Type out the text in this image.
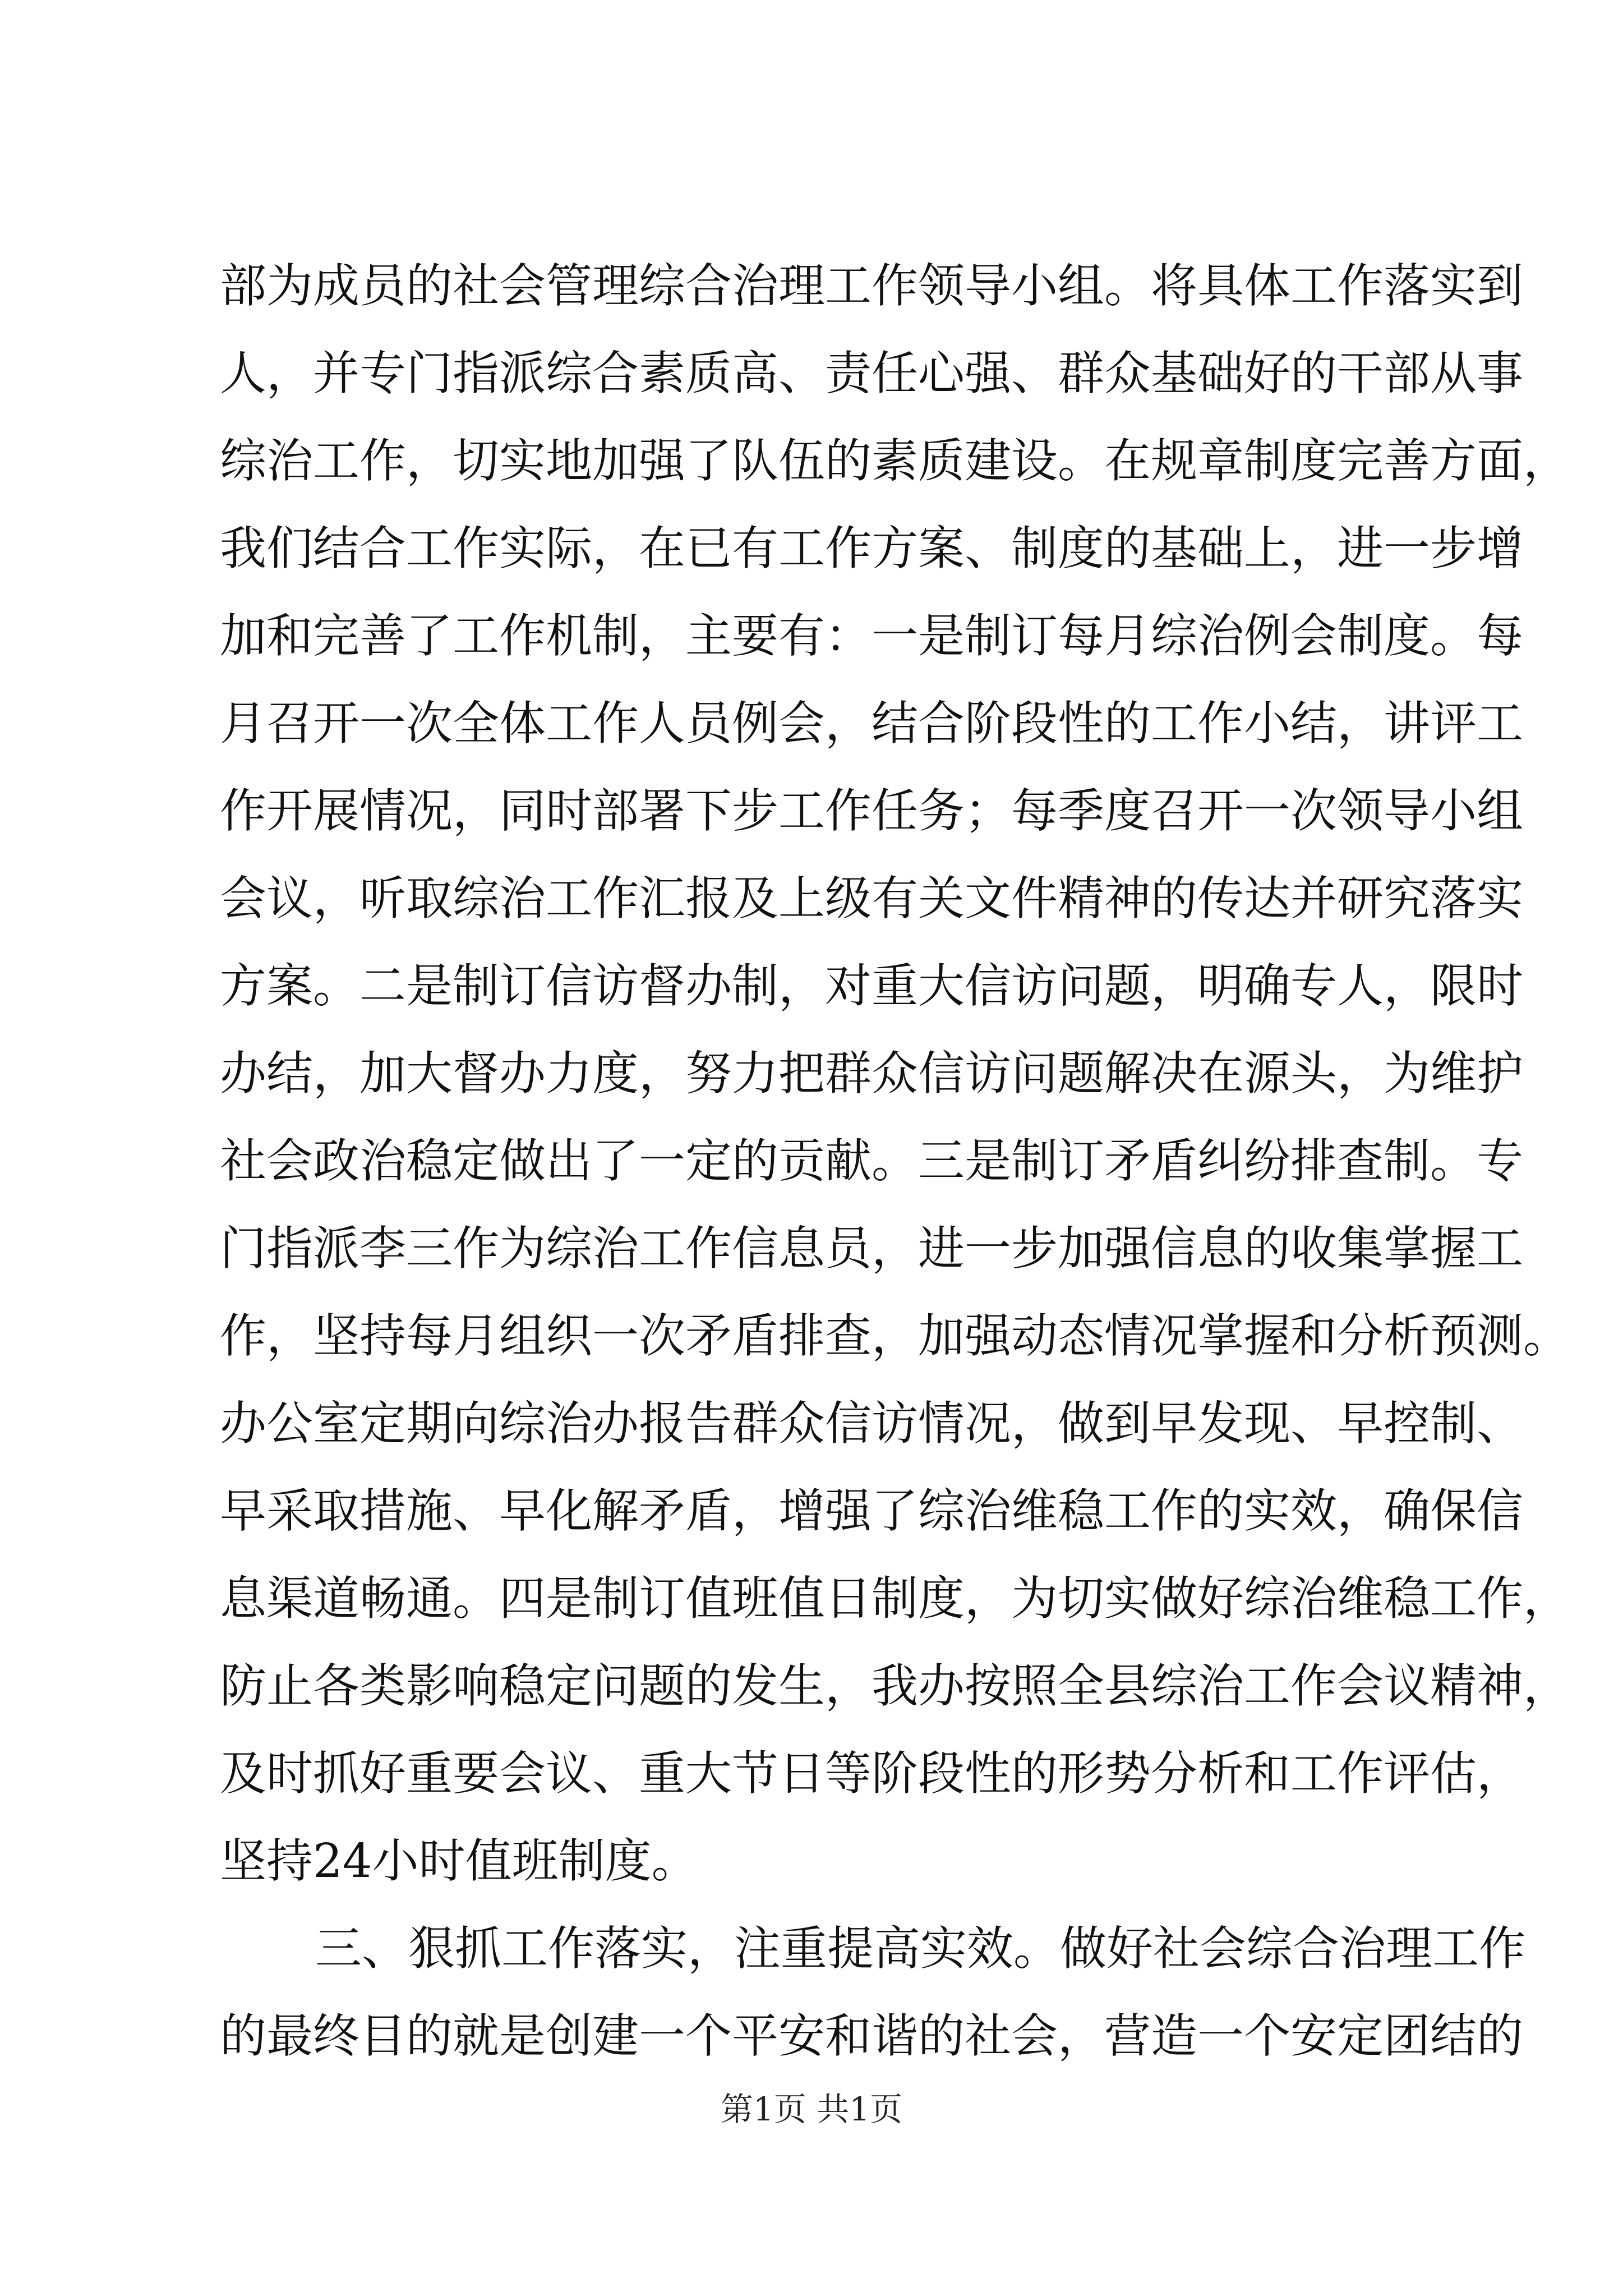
部为成员的社会管理综合治理工作领导小组。将具体工作落实到
人，并专门指派综合素质高、责任心强、群众基础好的干部从事
综治工作，切实地加强了队伍的素质建设。在规章制度完善方面，
我们结合工作实际，在已有工作方案、制度的基础上，进一步增
加和完善了工作机制，主要有：一是制订每月综治例会制度。每
月召开一次全体工作人员例会，结合阶段性的工作小结，讲评工
作开展情况，同时部署下步工作任务；每季度召开一次领导小组
会议，听取综治工作汇报及上级有关文件精神的传达并研究落实
方案。二是制订信访督办制，对重大信访问题，明确专人，限时
办结，加大督办力度，努力把群众信访问题解决在源头，为维护
社会政治稳定做出了一定的贡献。三是制订矛盾纠纷排查制。专
门指派李三作为综治工作信息员，进一步加强信息的收集掌握工
作，坚持每月组织一次矛盾排查，加强动态情况掌握和分析预测。
办公室定期向综治办报告群众信访情况，做到早发现、早控制、
早采取措施、早化解矛盾，增强了综治维稳工作的实效，确保信
息渠道畅通。四是制订值班值日制度，为切实做好综治维稳工作，
防止各类影响稳定问题的发生，我办按照全县综治工作会议精神，
及时抓好重要会议、重大节日等阶段性的形势分析和工作评估，
坚持24小时值班制度。
三、狠抓工作落实，注重提高实效。做好社会综合治理工作
的最终目的就是创建一个平安和谐的社会，营造一个安定团结的
第1页 共1页
